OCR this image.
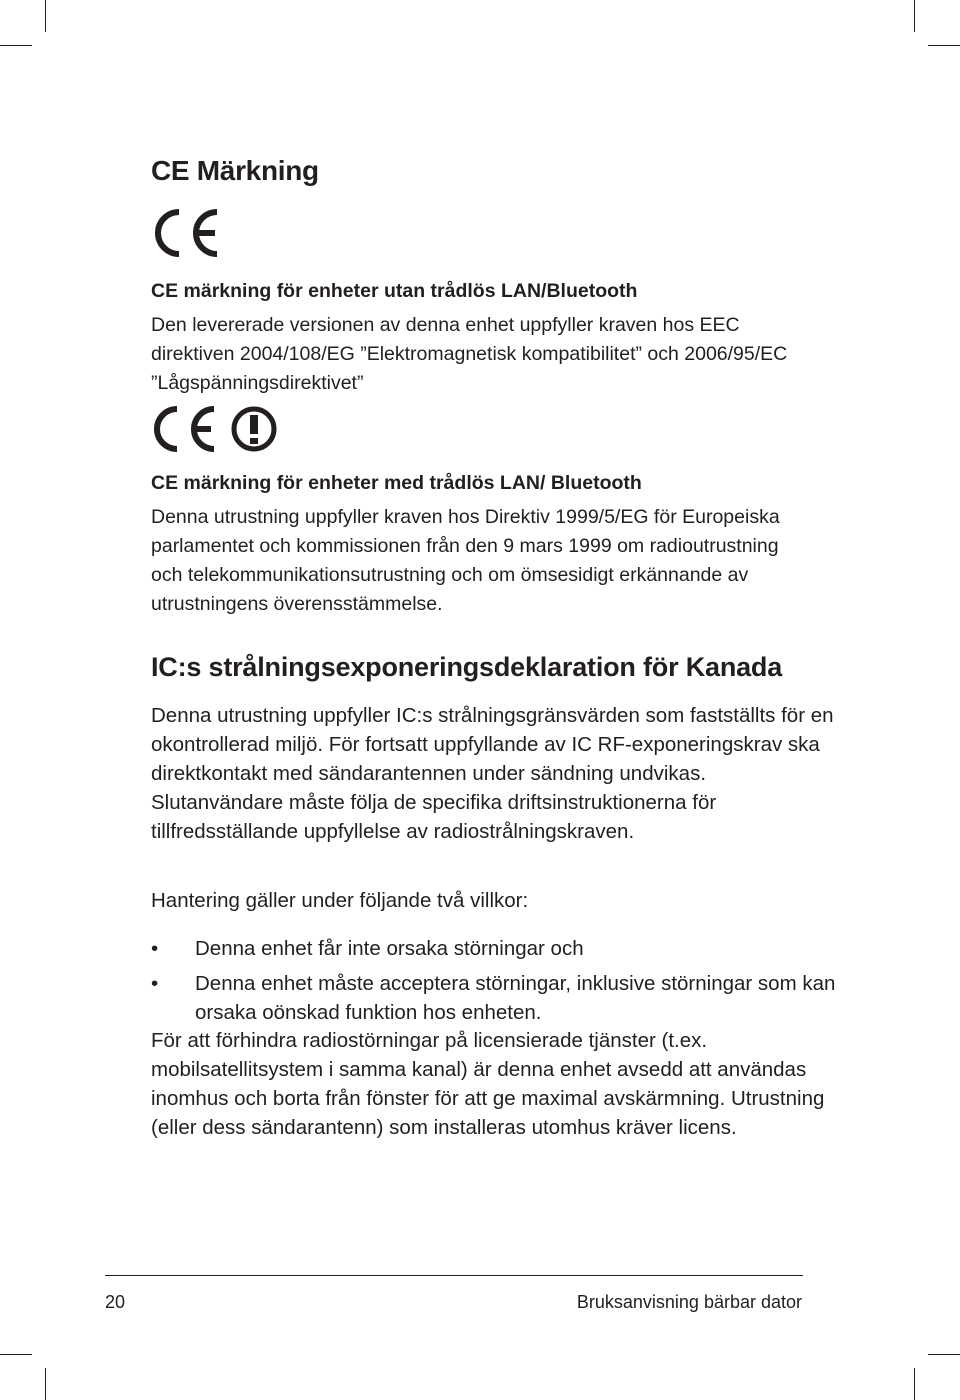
CE Märkning
CE märkning för enheter utan trådlös LAN/Bluetooth

Den levererade versionen av denna enhet uppfyller kraven hos EEC direktiven 2004/108/EG ”Elektromagnetisk kompatibilitet” och 2006/95/EC ”Lågspänningsdirektivet”

CE märkning för enheter med trådlös LAN/ Bluetooth

Denna utrustning uppfyller kraven hos Direktiv 1999/5/EG för Europeiska parlamentet och kommissionen från den 9 mars 1999 om radioutrustning och telekommunikationsutrustning och om ömsesidigt erkännande av utrustningens överensstämmelse.

IC:s strålningsexponeringsdeklaration för Kanada

Denna utrustning uppfyller IC:s strålningsgränsvärden som fastställts för en okontrollerad miljö. För fortsatt uppfyllande av IC RF-exponeringskrav ska direktkontakt med sändarantennen under sändning undvikas. Slutanvändare måste följa de specifika driftsinstruktionerna för tillfredsställande uppfyllelse av radiostrålningskraven.

Hantering gäller under följande två villkor:

• Denna enhet får inte orsaka störningar och
• Denna enhet måste acceptera störningar, inklusive störningar som kan orsaka oönskad funktion hos enheten.

För att förhindra radiostörningar på licensierade tjänster (t.ex. mobilsatellitsystem i samma kanal) är denna enhet avsedd att användas inomhus och borta från fönster för att ge maximal avskärmning. Utrustning (eller dess sändarantenn) som installeras utomhus kräver licens.

20	Bruksanvisning bärbar dator
